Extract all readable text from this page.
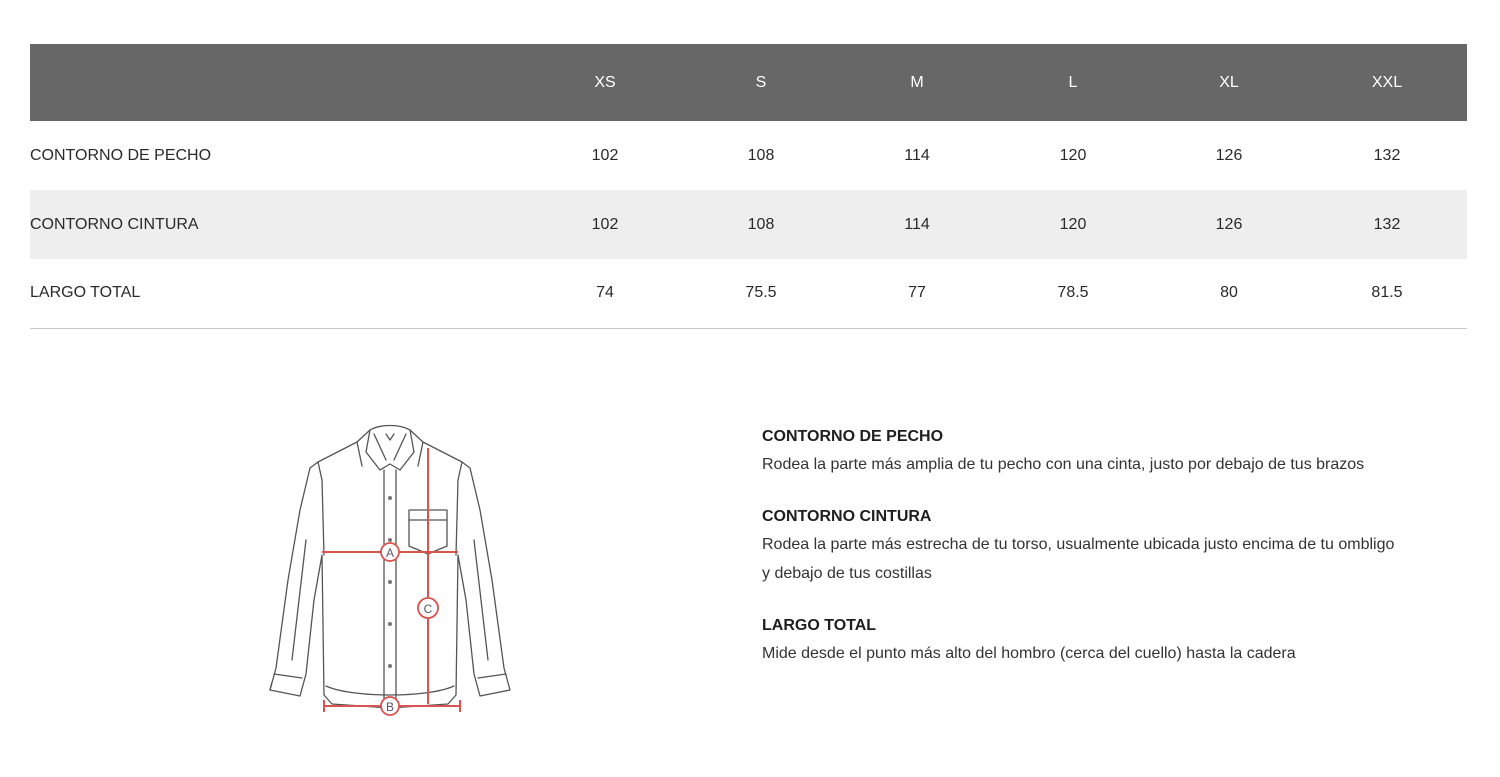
	XS	S	M	L	XL	XXL
CONTORNO DE PECHO	102	108	114	120	126	132
CONTORNO CINTURA	102	108	114	120	126	132
LARGO TOTAL	74	75.5	77	78.5	80	81.5
A
C
B
CONTORNO DE PECHO
Rodea la parte más amplia de tu pecho con una cinta, justo por debajo de tus brazos
CONTORNO CINTURA
Rodea la parte más estrecha de tu torso, usualmente ubicada justo encima de tu ombligo y debajo de tus costillas
LARGO TOTAL
Mide desde el punto más alto del hombro (cerca del cuello) hasta la cadera
